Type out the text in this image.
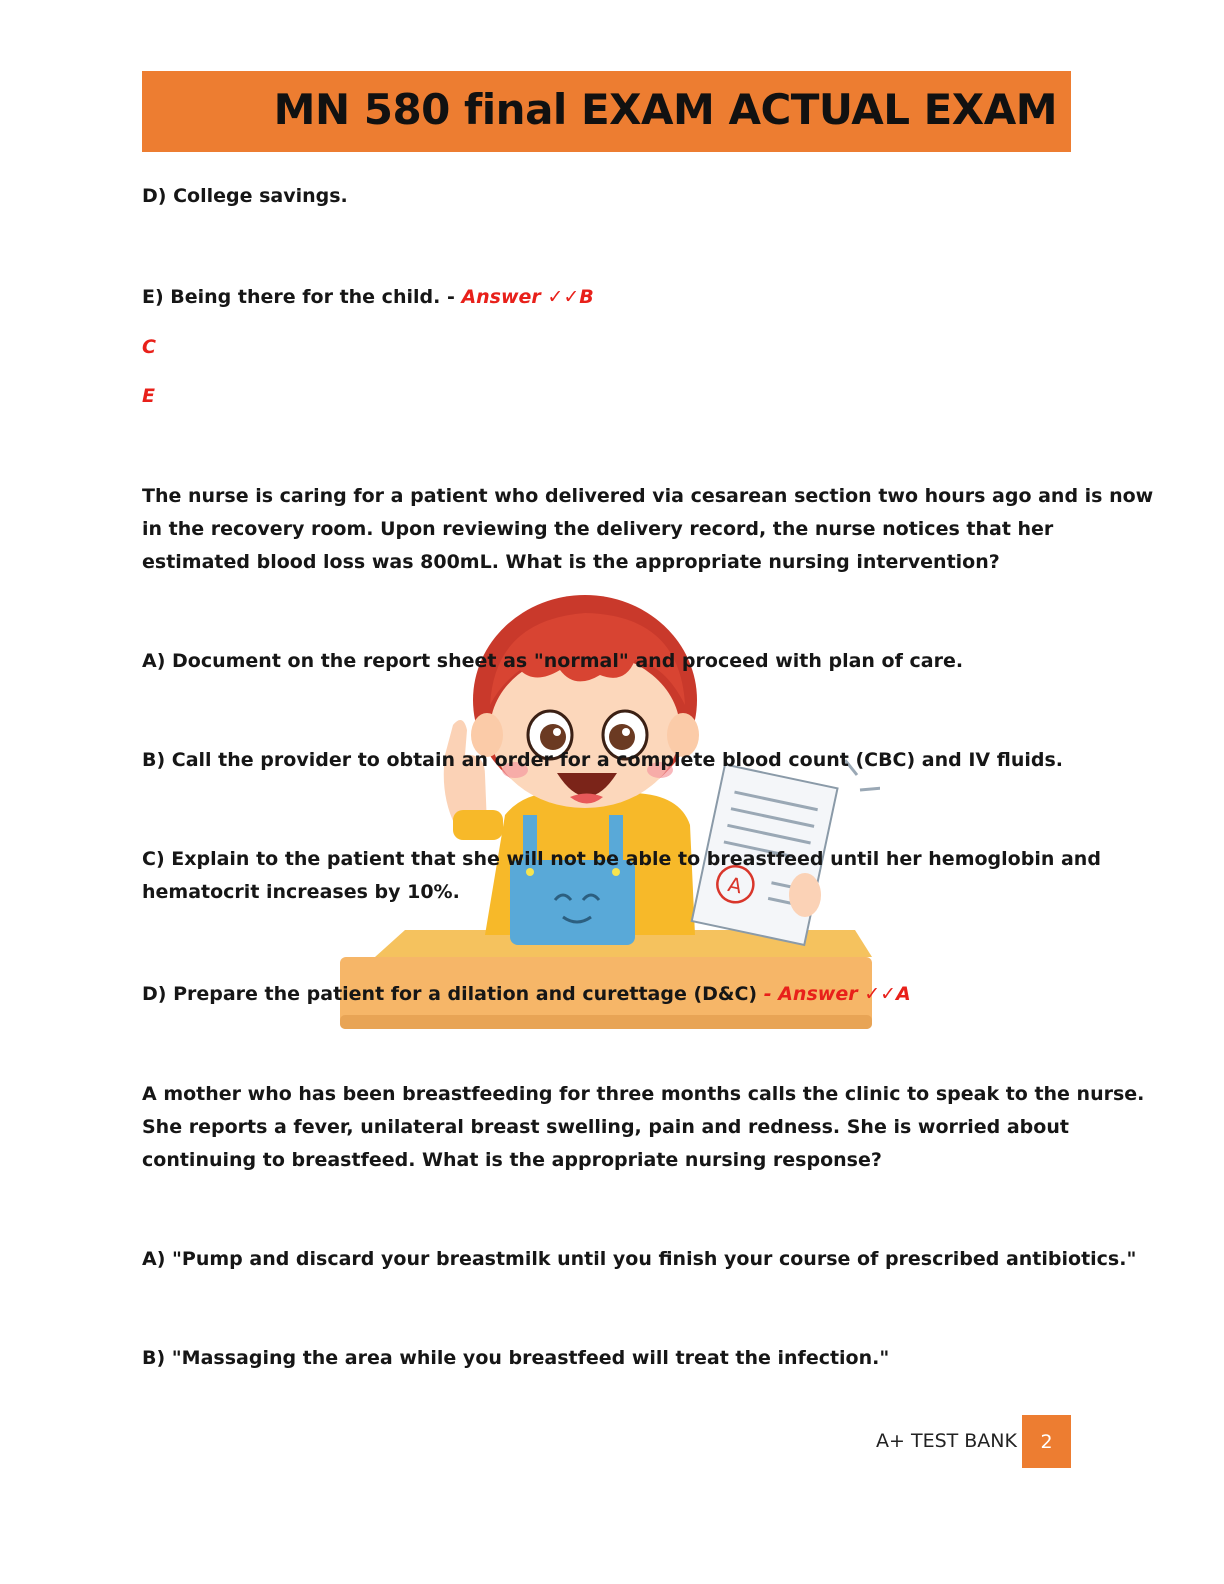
MN 580 final EXAM ACTUAL EXAM
A
D) College savings.
E) Being there for the child. - Answer ✓✓B
C
E
The nurse is caring for a patient who delivered via cesarean section two hours ago and is now
in the recovery room. Upon reviewing the delivery record, the nurse notices that her
estimated blood loss was 800mL. What is the appropriate nursing intervention?
A) Document on the report sheet as "normal" and proceed with plan of care.
B) Call the provider to obtain an order for a complete blood count (CBC) and IV fluids.
C) Explain to the patient that she will not be able to breastfeed until her hemoglobin and
hematocrit increases by 10%.
D) Prepare the patient for a dilation and curettage (D&C) - Answer ✓✓A
A mother who has been breastfeeding for three months calls the clinic to speak to the nurse.
She reports a fever, unilateral breast swelling, pain and redness. She is worried about
continuing to breastfeed. What is the appropriate nursing response?
A) "Pump and discard your breastmilk until you finish your course of prescribed antibiotics."
B) "Massaging the area while you breastfeed will treat the infection."
A+ TEST BANK	2
